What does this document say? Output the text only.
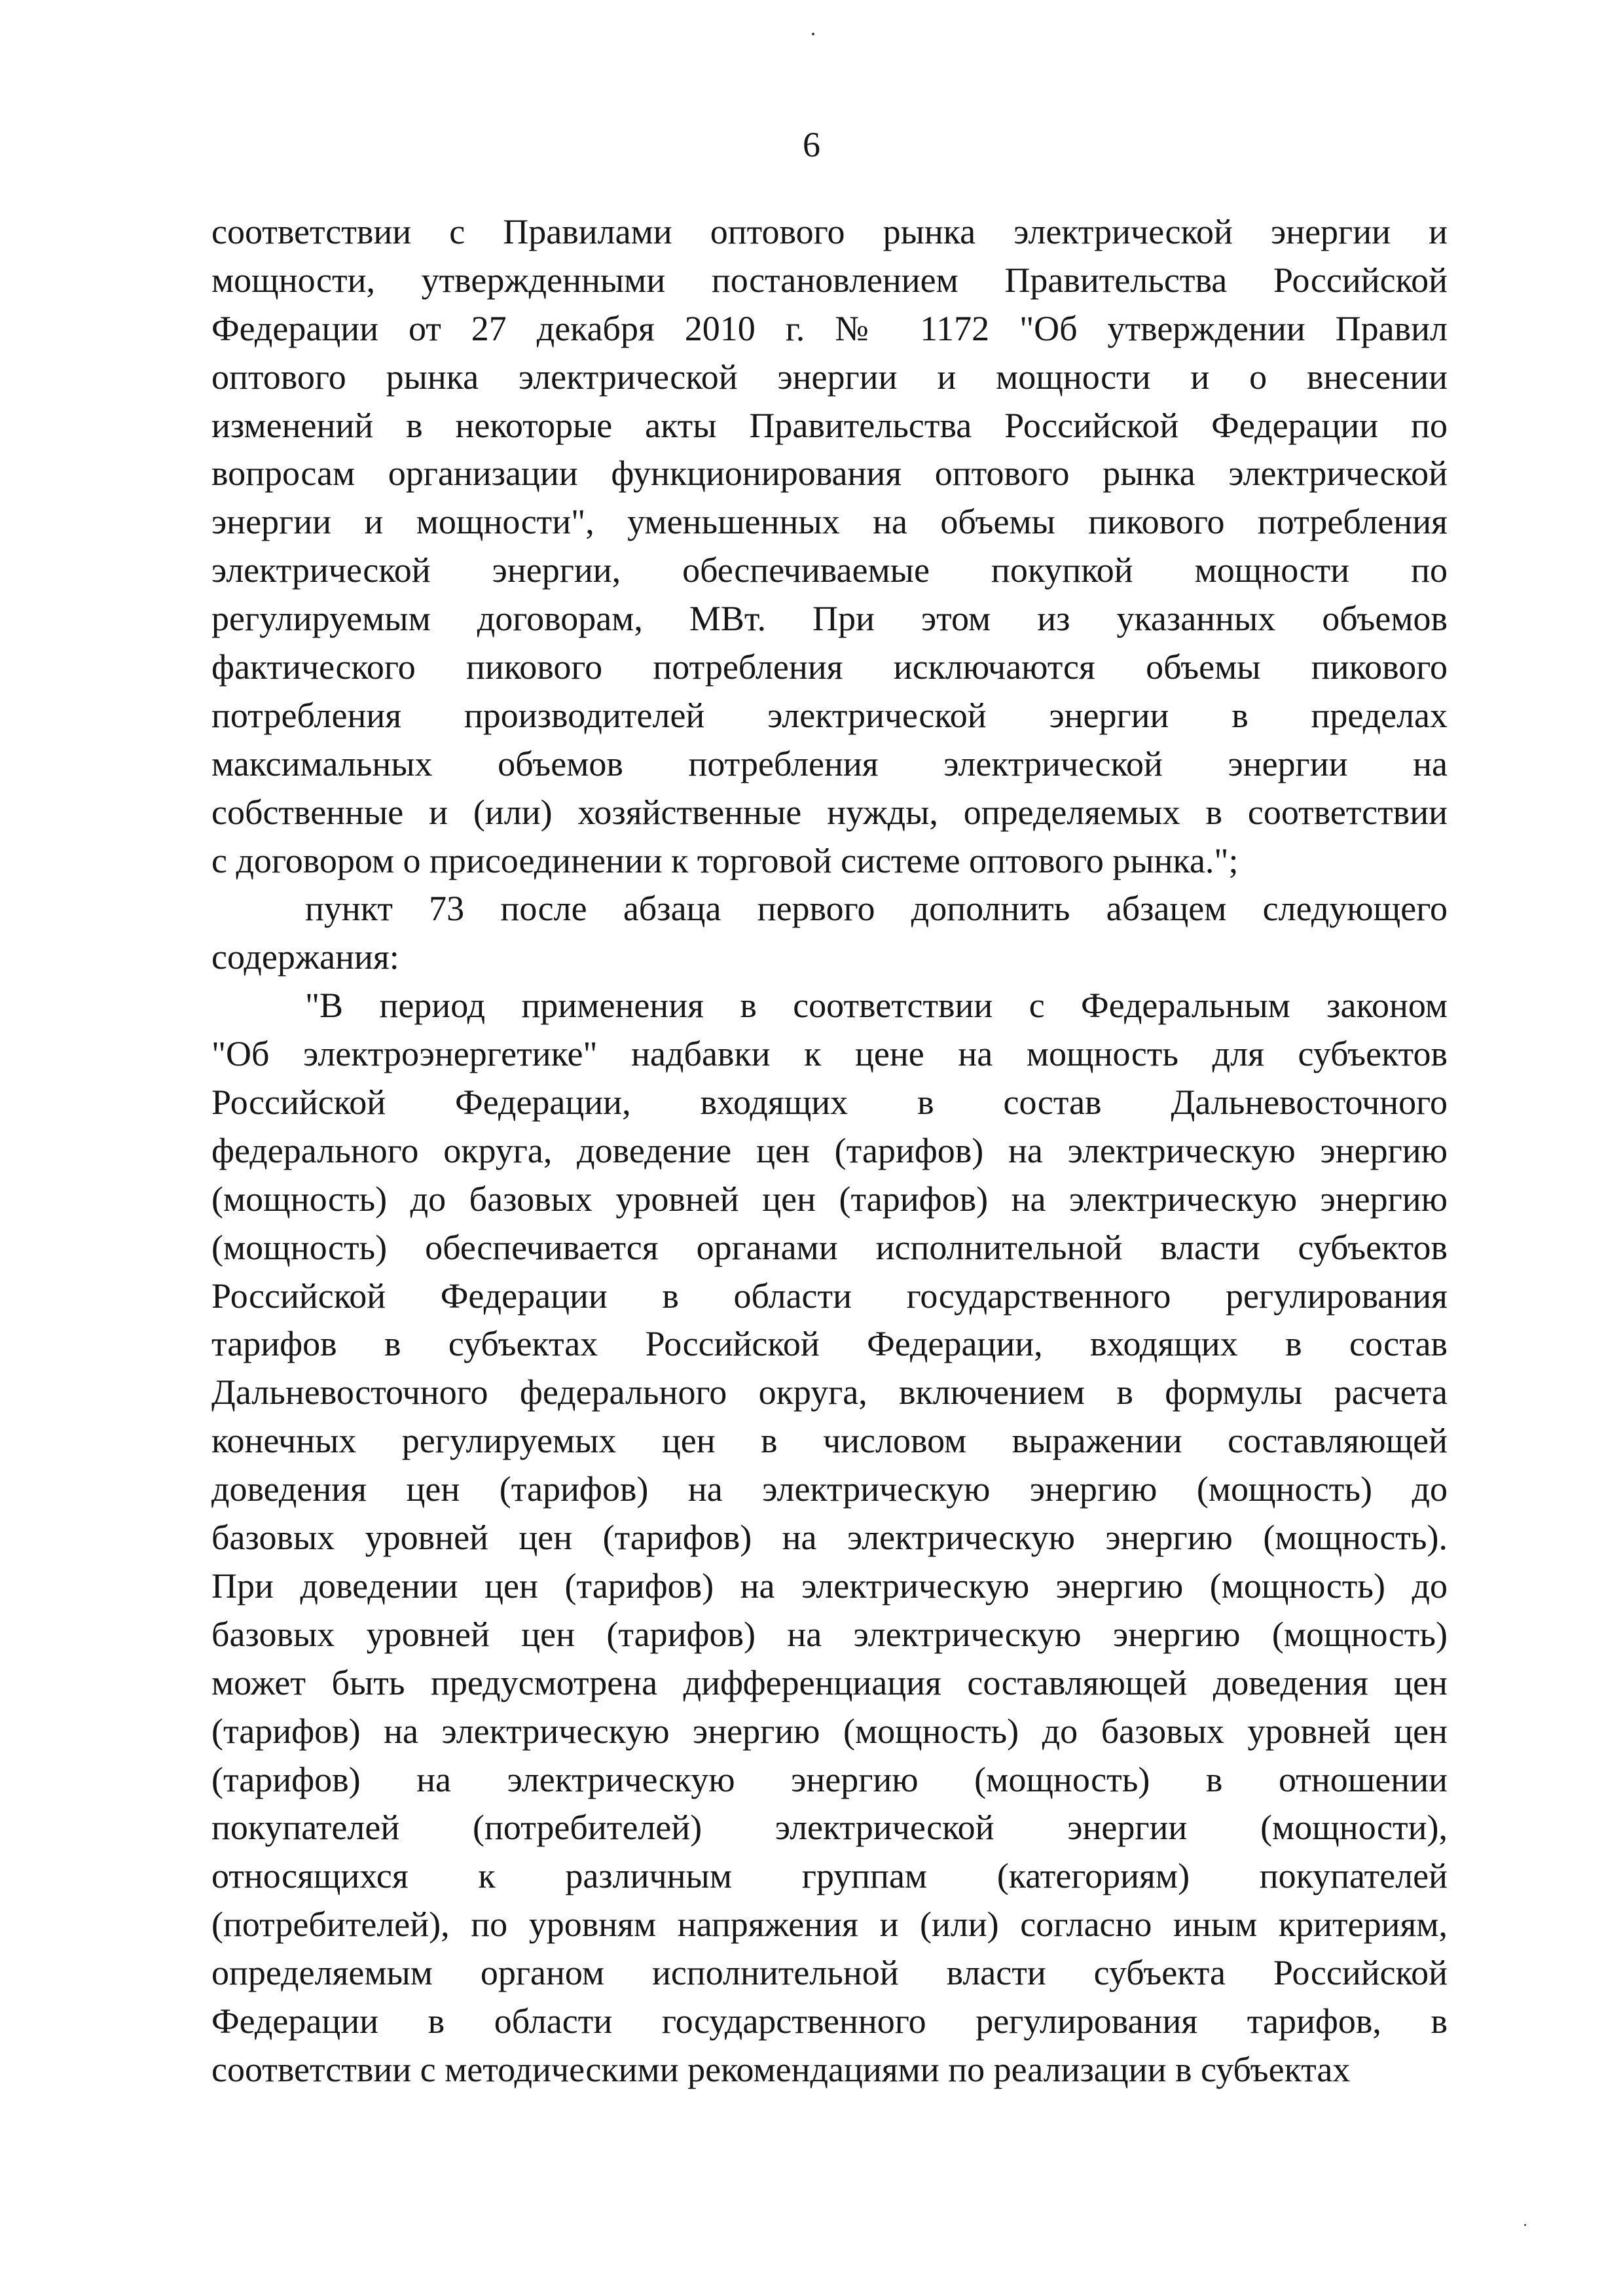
6
соответствии с Правилами оптового рынка электрической энергии и
мощности, утвержденными постановлением Правительства Российской
Федерации от 27 декабря 2010 г. № 1172 "Об утверждении Правил
оптового рынка электрической энергии и мощности и о внесении
изменений в некоторые акты Правительства Российской Федерации по
вопросам организации функционирования оптового рынка электрической
энергии и мощности", уменьшенных на объемы пикового потребления
электрической энергии, обеспечиваемые покупкой мощности по
регулируемым договорам, МВт. При этом из указанных объемов
фактического пикового потребления исключаются объемы пикового
потребления производителей электрической энергии в пределах
максимальных объемов потребления электрической энергии на
собственные и (или) хозяйственные нужды, определяемых в соответствии
с договором о присоединении к торговой системе оптового рынка.";
пункт 73 после абзаца первого дополнить абзацем следующего
содержания:
"В период применения в соответствии с Федеральным законом
"Об электроэнергетике" надбавки к цене на мощность для субъектов
Российской Федерации, входящих в состав Дальневосточного
федерального округа, доведение цен (тарифов) на электрическую энергию
(мощность) до базовых уровней цен (тарифов) на электрическую энергию
(мощность) обеспечивается органами исполнительной власти субъектов
Российской Федерации в области государственного регулирования
тарифов в субъектах Российской Федерации, входящих в состав
Дальневосточного федерального округа, включением в формулы расчета
конечных регулируемых цен в числовом выражении составляющей
доведения цен (тарифов) на электрическую энергию (мощность) до
базовых уровней цен (тарифов) на электрическую энергию (мощность).
При доведении цен (тарифов) на электрическую энергию (мощность) до
базовых уровней цен (тарифов) на электрическую энергию (мощность)
может быть предусмотрена дифференциация составляющей доведения цен
(тарифов) на электрическую энергию (мощность) до базовых уровней цен
(тарифов) на электрическую энергию (мощность) в отношении
покупателей (потребителей) электрической энергии (мощности),
относящихся к различным группам (категориям) покупателей
(потребителей), по уровням напряжения и (или) согласно иным критериям,
определяемым органом исполнительной власти субъекта Российской
Федерации в области государственного регулирования тарифов, в
соответствии с методическими рекомендациями по реализации в субъектах
